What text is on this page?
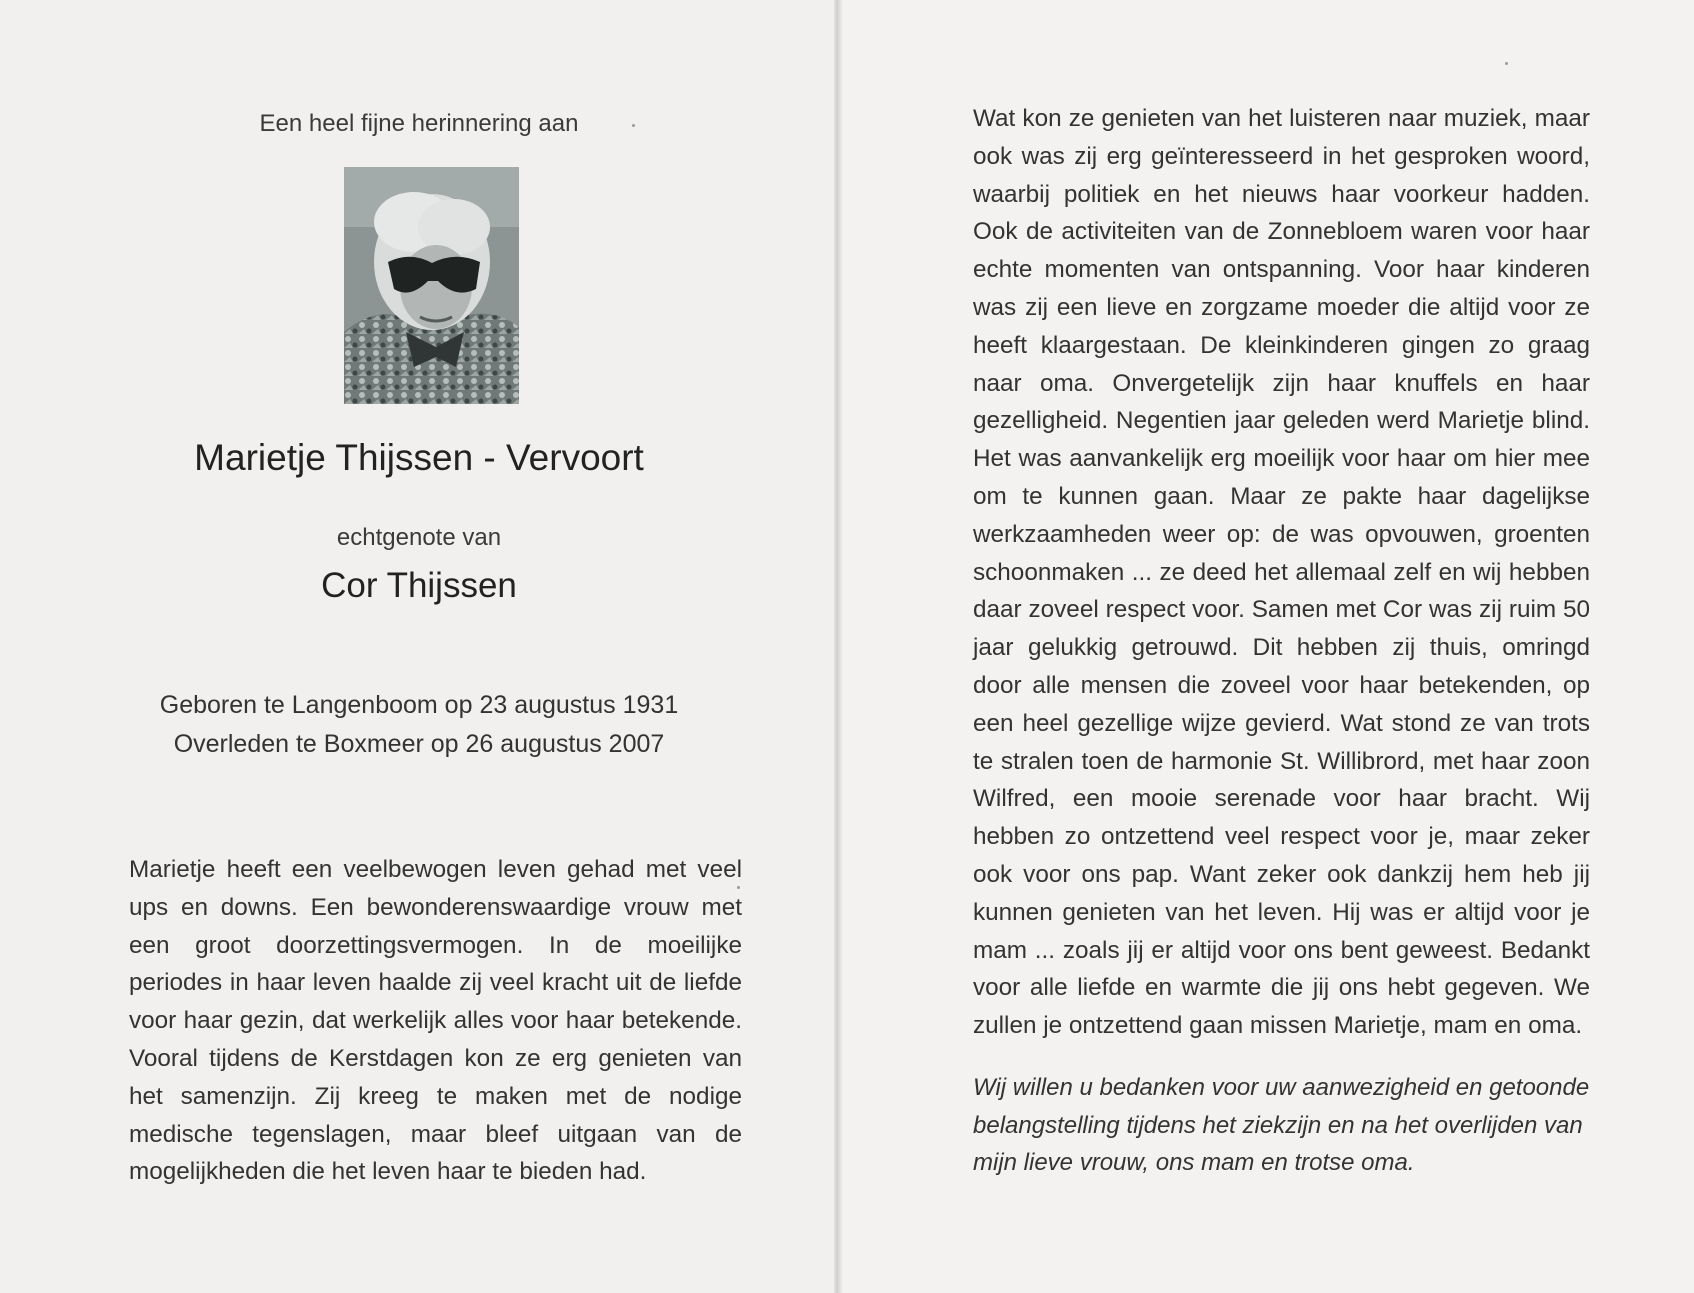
Een heel fijne herinnering aan
Marietje Thijssen - Vervoort
echtgenote van
Cor Thijssen
Geboren te Langenboom op 23 augustus 1931
Overleden te Boxmeer op 26 augustus 2007

Marietje heeft een veelbewogen leven gehad met veel ups en downs. Een bewonderenswaardige vrouw met een groot doorzettingsvermogen. In de moeilijke periodes in haar leven haalde zij veel kracht uit de liefde voor haar gezin, dat werkelijk alles voor haar betekende. Vooral tijdens de Kerstdagen kon ze erg genieten van het samenzijn. Zij kreeg te maken met de nodige medische tegenslagen, maar bleef uitgaan van de mogelijkheden die het leven haar te bieden had.

Wat kon ze genieten van het luisteren naar muziek, maar ook was zij erg geïnteresseerd in het gesproken woord, waarbij politiek en het nieuws haar voorkeur hadden. Ook de activiteiten van de Zonnebloem waren voor haar echte momenten van ontspanning. Voor haar kinderen was zij een lieve en zorgzame moeder die altijd voor ze heeft klaargestaan. De kleinkinderen gingen zo graag naar oma. Onvergetelijk zijn haar knuffels en haar gezelligheid. Negentien jaar geleden werd Marietje blind. Het was aanvankelijk erg moeilijk voor haar om hier mee om te kunnen gaan. Maar ze pakte haar dagelijkse werkzaamheden weer op: de was opvouwen, groenten schoonmaken ... ze deed het allemaal zelf en wij hebben daar zoveel respect voor. Samen met Cor was zij ruim 50 jaar gelukkig getrouwd. Dit hebben zij thuis, omringd door alle mensen die zoveel voor haar betekenden, op een heel gezellige wijze gevierd. Wat stond ze van trots te stralen toen de harmonie St. Willibrord, met haar zoon Wilfred, een mooie serenade voor haar bracht. Wij hebben zo ontzettend veel respect voor je, maar zeker ook voor ons pap. Want zeker ook dankzij hem heb jij kunnen genieten van het leven. Hij was er altijd voor je mam ... zoals jij er altijd voor ons bent geweest. Bedankt voor alle liefde en warmte die jij ons hebt gegeven. We zullen je ontzettend gaan missen Marietje, mam en oma.

Wij willen u bedanken voor uw aanwezigheid en getoonde belangstelling tijdens het ziekzijn en na het overlijden van mijn lieve vrouw, ons mam en trotse oma.
